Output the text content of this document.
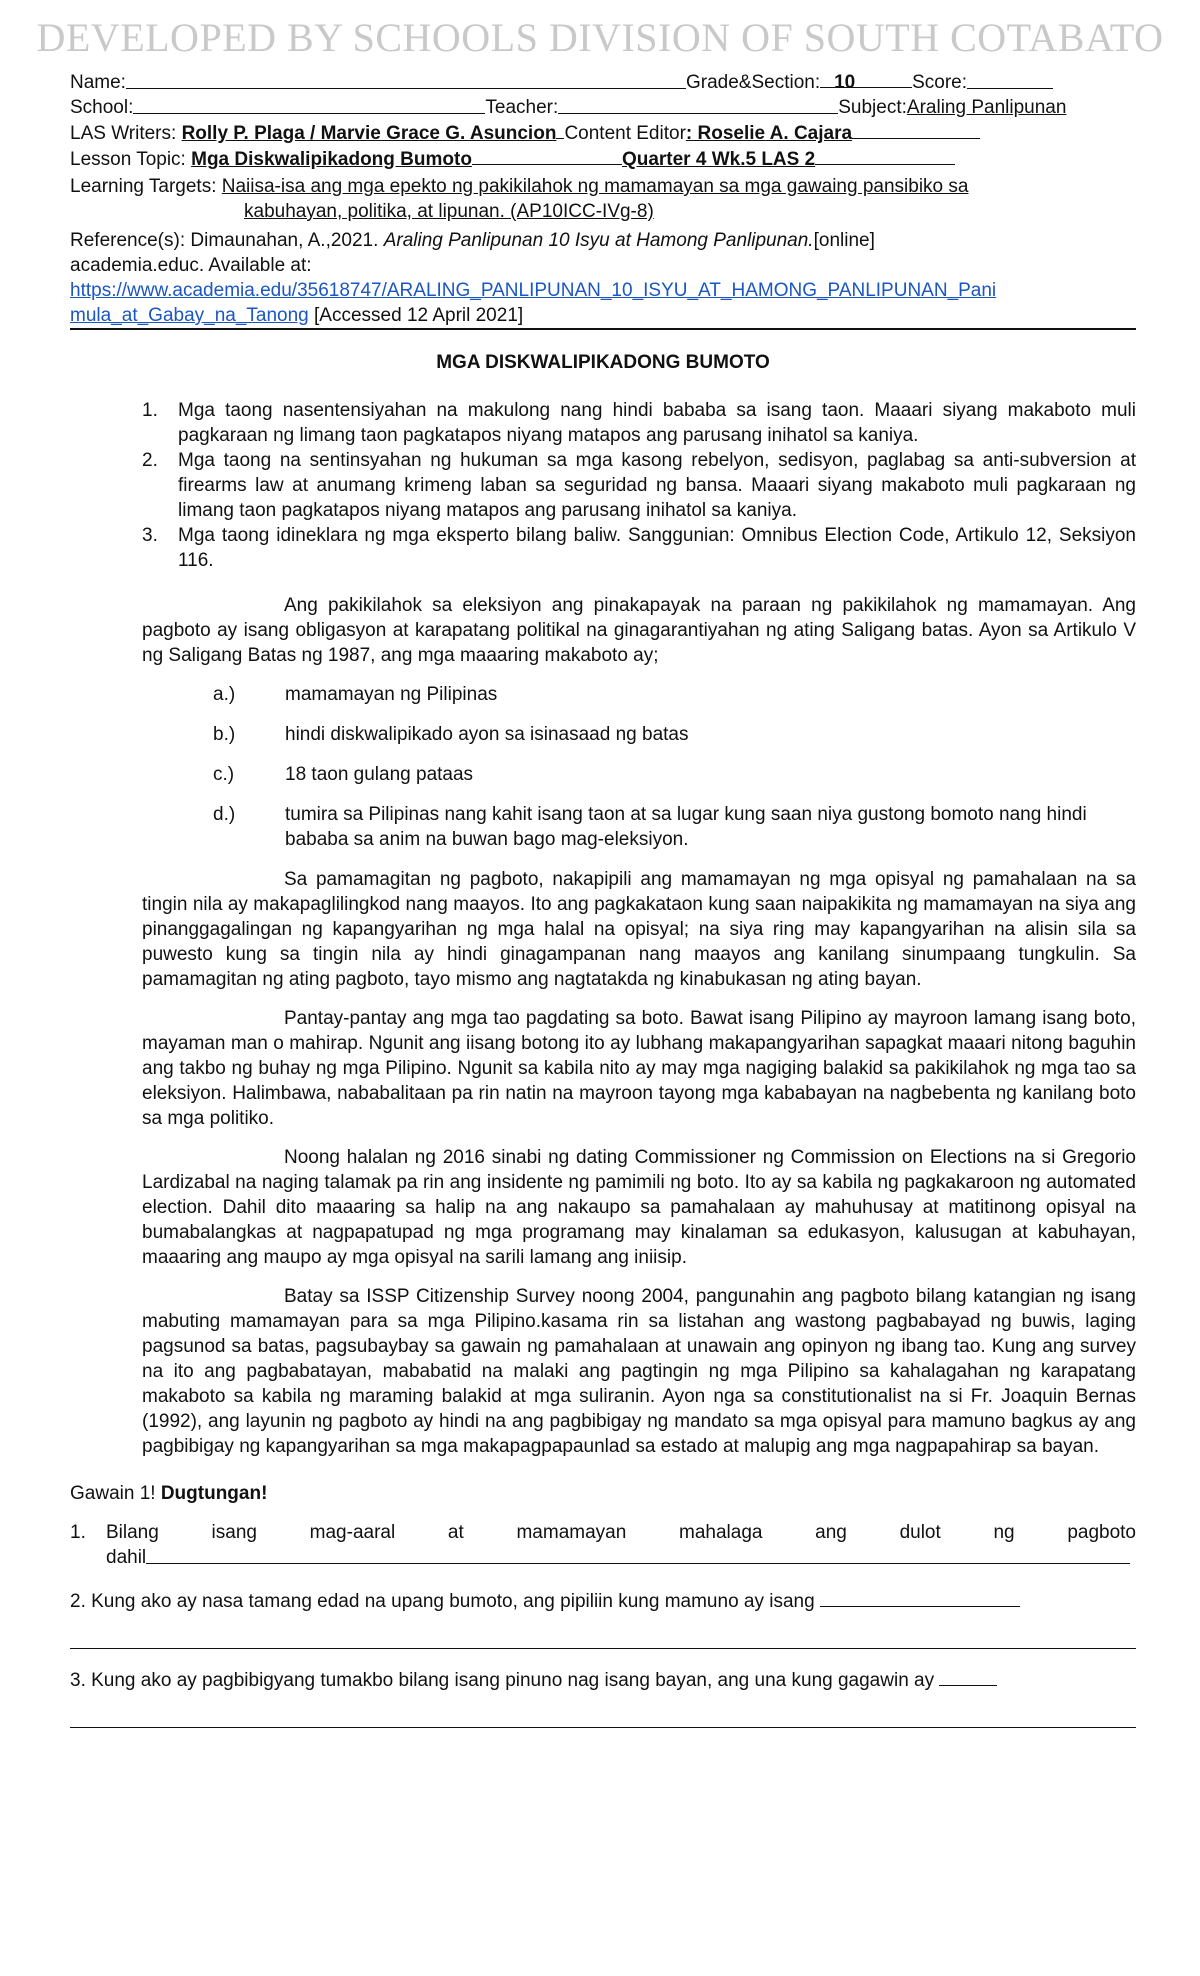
DEVELOPED BY SCHOOLS DIVISION OF SOUTH COTABATO
Name:	Grade&Section: 10	Score:
School:	Teacher:	Subject: Araling Panlipunan
LAS Writers: Rolly P. Plaga / Marvie Grace G. Asuncion Content Editor: Roselie A. Cajara
Lesson Topic: Mga Diskwalipikadong Bumoto	Quarter 4 Wk.5 LAS 2
Learning Targets: Naiisa-isa ang mga epekto ng pakikilahok ng mamamayan sa mga gawaing pansibiko sa
kabuhayan, politika, at lipunan. (AP10ICC-IVg-8)
Reference(s): Dimaunahan, A.,2021. Araling Panlipunan 10 Isyu at Hamong Panlipunan.[online]
academia.educ. Available at:
https://www.academia.edu/35618747/ARALING_PANLIPUNAN_10_ISYU_AT_HAMONG_PANLIPUNAN_Pani
mula_at_Gabay_na_Tanong [Accessed 12 April 2021]
MGA DISKWALIPIKADONG BUMOTO
1. Mga taong nasentensiyahan na makulong nang hindi bababa sa isang taon. Maaari siyang makaboto muli pagkaraan ng limang taon pagkatapos niyang matapos ang parusang inihatol sa kaniya.
2. Mga taong na sentinsyahan ng hukuman sa mga kasong rebelyon, sedisyon, paglabag sa anti-subversion at firearms law at anumang krimeng laban sa seguridad ng bansa. Maaari siyang makaboto muli pagkaraan ng limang taon pagkatapos niyang matapos ang parusang inihatol sa kaniya.
3. Mga taong idineklara ng mga eksperto bilang baliw. Sanggunian: Omnibus Election Code, Artikulo 12, Seksiyon 116.

Ang pakikilahok sa eleksiyon ang pinakapayak na paraan ng pakikilahok ng mamamayan. Ang pagboto ay isang obligasyon at karapatang politikal na ginagarantiyahan ng ating Saligang batas. Ayon sa Artikulo V ng Saligang Batas ng 1987, ang mga maaaring makaboto ay;

a.)	mamamayan ng Pilipinas
b.)	hindi diskwalipikado ayon sa isinasaad ng batas
c.)	18 taon gulang pataas
d.)	tumira sa Pilipinas nang kahit isang taon at sa lugar kung saan niya gustong bomoto nang hindi bababa sa anim na buwan bago mag-eleksiyon.

Sa pamamagitan ng pagboto, nakapipili ang mamamayan ng mga opisyal ng pamahalaan na sa tingin nila ay makapaglilingkod nang maayos. Ito ang pagkakataon kung saan naipakikita ng mamamayan na siya ang pinanggagalingan ng kapangyarihan ng mga halal na opisyal; na siya ring may kapangyarihan na alisin sila sa puwesto kung sa tingin nila ay hindi ginagampanan nang maayos ang kanilang sinumpaang tungkulin. Sa pamamagitan ng ating pagboto, tayo mismo ang nagtatakda ng kinabukasan ng ating bayan.

Pantay-pantay ang mga tao pagdating sa boto. Bawat isang Pilipino ay mayroon lamang isang boto, mayaman man o mahirap. Ngunit ang iisang botong ito ay lubhang makapangyarihan sapagkat maaari nitong baguhin ang takbo ng buhay ng mga Pilipino. Ngunit sa kabila nito ay may mga nagiging balakid sa pakikilahok ng mga tao sa eleksiyon. Halimbawa, nababalitaan pa rin natin na mayroon tayong mga kababayan na nagbebenta ng kanilang boto sa mga politiko.

Noong halalan ng 2016 sinabi ng dating Commissioner ng Commission on Elections na si Gregorio Lardizabal na naging talamak pa rin ang insidente ng pamimili ng boto. Ito ay sa kabila ng pagkakaroon ng automated election. Dahil dito maaaring sa halip na ang nakaupo sa pamahalaan ay mahuhusay at matitinong opisyal na bumabalangkas at nagpapatupad ng mga programang may kinalaman sa edukasyon, kalusugan at kabuhayan, maaaring ang maupo ay mga opisyal na sarili lamang ang iniisip.

Batay sa ISSP Citizenship Survey noong 2004, pangunahin ang pagboto bilang katangian ng isang mabuting mamamayan para sa mga Pilipino.kasama rin sa listahan ang wastong pagbabayad ng buwis, laging pagsunod sa batas, pagsubaybay sa gawain ng pamahalaan at unawain ang opinyon ng ibang tao. Kung ang survey na ito ang pagbabatayan, mababatid na malaki ang pagtingin ng mga Pilipino sa kahalagahan ng karapatang makaboto sa kabila ng maraming balakid at mga suliranin. Ayon nga sa constitutionalist na si Fr. Joaquin Bernas (1992), ang layunin ng pagboto ay hindi na ang pagbibigay ng mandato sa mga opisyal para mamuno bagkus ay ang pagbibigay ng kapangyarihan sa mga makapagpapaunlad sa estado at malupig ang mga nagpapahirap sa bayan.

Gawain 1! Dugtungan!
1.	Bilang	isang	mag-aaral	at	mamamayan	mahalaga	ang	dulot	ng	pagboto
dahil
2. Kung ako ay nasa tamang edad na upang bumoto, ang pipiliin kung mamuno ay isang
3. Kung ako ay pagbibigyang tumakbo bilang isang pinuno nag isang bayan, ang una kung gagawin ay
